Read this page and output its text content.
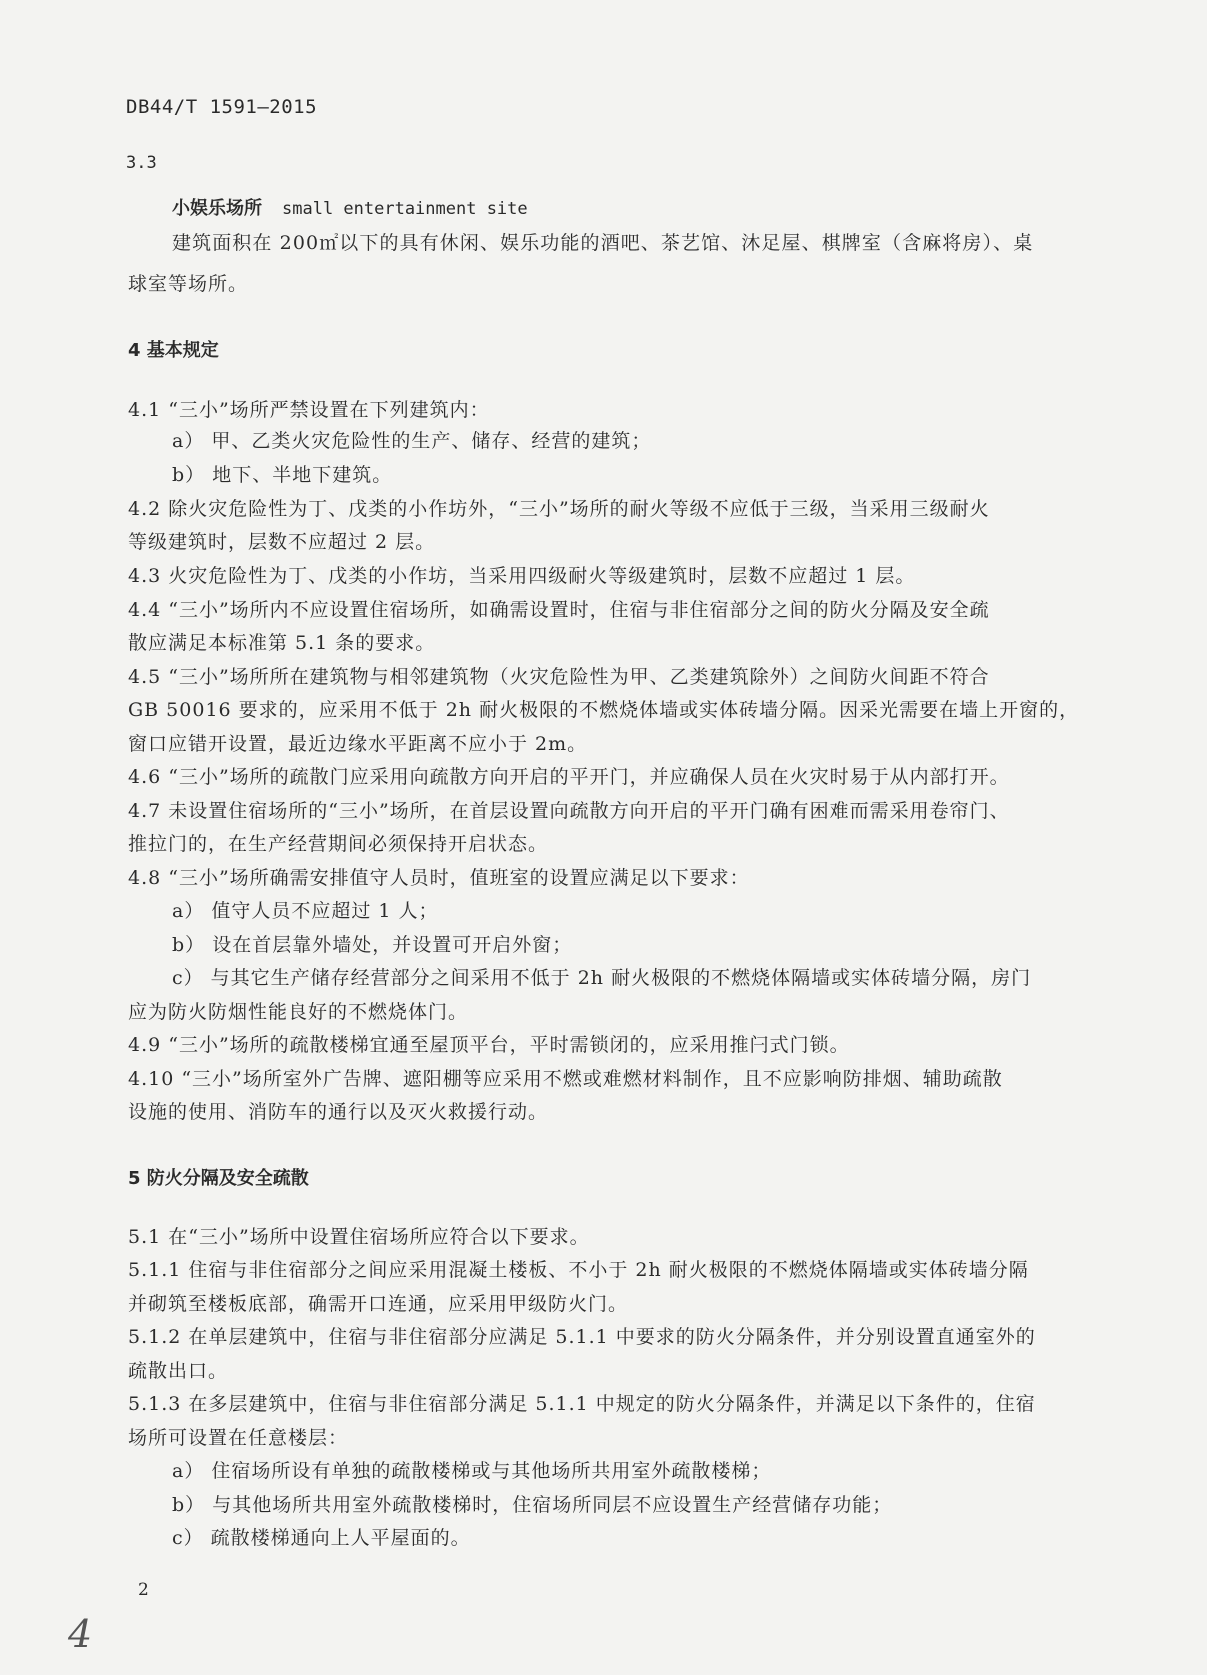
DB44/T 1591—2015
3.3
小娱乐场所 small entertainment site
建筑面积在 200㎡以下的具有休闲、娱乐功能的酒吧、茶艺馆、沐足屋、棋牌室（含麻将房）、桌
球室等场所。
4 基本规定
4.1 “三小”场所严禁设置在下列建筑内：
a） 甲、乙类火灾危险性的生产、储存、经营的建筑；
b） 地下、半地下建筑。
4.2 除火灾危险性为丁、戊类的小作坊外，“三小”场所的耐火等级不应低于三级，当采用三级耐火
等级建筑时，层数不应超过 2 层。
4.3 火灾危险性为丁、戊类的小作坊，当采用四级耐火等级建筑时，层数不应超过 1 层。
4.4 “三小”场所内不应设置住宿场所，如确需设置时，住宿与非住宿部分之间的防火分隔及安全疏
散应满足本标准第 5.1 条的要求。
4.5 “三小”场所所在建筑物与相邻建筑物（火灾危险性为甲、乙类建筑除外）之间防火间距不符合
GB 50016 要求的，应采用不低于 2h 耐火极限的不燃烧体墙或实体砖墙分隔。因采光需要在墙上开窗的，
窗口应错开设置，最近边缘水平距离不应小于 2m。
4.6 “三小”场所的疏散门应采用向疏散方向开启的平开门，并应确保人员在火灾时易于从内部打开。
4.7 未设置住宿场所的“三小”场所，在首层设置向疏散方向开启的平开门确有困难而需采用卷帘门、
推拉门的，在生产经营期间必须保持开启状态。
4.8 “三小”场所确需安排值守人员时，值班室的设置应满足以下要求：
a） 值守人员不应超过 1 人；
b） 设在首层靠外墙处，并设置可开启外窗；
c） 与其它生产储存经营部分之间采用不低于 2h 耐火极限的不燃烧体隔墙或实体砖墙分隔，房门
应为防火防烟性能良好的不燃烧体门。
4.9 “三小”场所的疏散楼梯宜通至屋顶平台，平时需锁闭的，应采用推闩式门锁。
4.10 “三小”场所室外广告牌、遮阳棚等应采用不燃或难燃材料制作，且不应影响防排烟、辅助疏散
设施的使用、消防车的通行以及灭火救援行动。
5 防火分隔及安全疏散
5.1 在“三小”场所中设置住宿场所应符合以下要求。
5.1.1 住宿与非住宿部分之间应采用混凝土楼板、不小于 2h 耐火极限的不燃烧体隔墙或实体砖墙分隔
并砌筑至楼板底部，确需开口连通，应采用甲级防火门。
5.1.2 在单层建筑中，住宿与非住宿部分应满足 5.1.1 中要求的防火分隔条件，并分别设置直通室外的
疏散出口。
5.1.3 在多层建筑中，住宿与非住宿部分满足 5.1.1 中规定的防火分隔条件，并满足以下条件的，住宿
场所可设置在任意楼层：
a） 住宿场所设有单独的疏散楼梯或与其他场所共用室外疏散楼梯；
b） 与其他场所共用室外疏散楼梯时，住宿场所同层不应设置生产经营储存功能；
c） 疏散楼梯通向上人平屋面的。
2
4
